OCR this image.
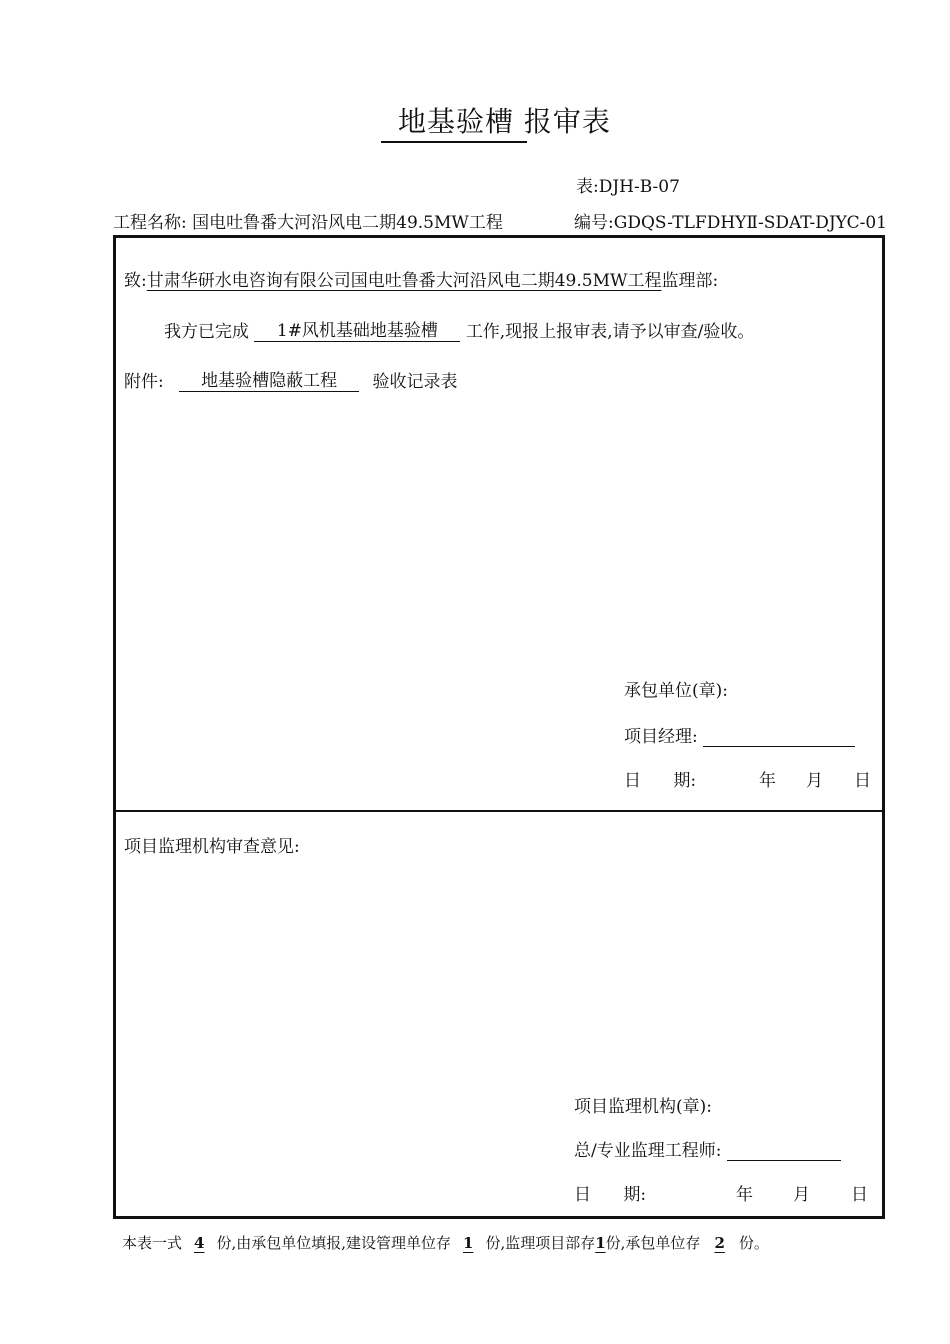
地基验槽 报审表
表:DJH-B-07
工程名称: 国电吐鲁番大河沿风电二期49.5MW工程	编号:GDQS-TLFDHYⅡ-SDAT-DJYC-01
致:甘肃华研水电咨询有限公司国电吐鲁番大河沿风电二期49.5MW工程监理部:
我方已完成 1#风机基础地基验槽 工作,现报上报审表,请予以审查/验收。
附件: 地基验槽隐蔽工程 验收记录表
承包单位(章):
项目经理:
日      期:	年 月 日
项目监理机构审查意见:
项目监理机构(章):
总/专业监理工程师:
日      期:	年 月 日
本表一式 4 份,由承包单位填报,建设管理单位存 1 份,监理项目部存1份,承包单位存 2 份。
